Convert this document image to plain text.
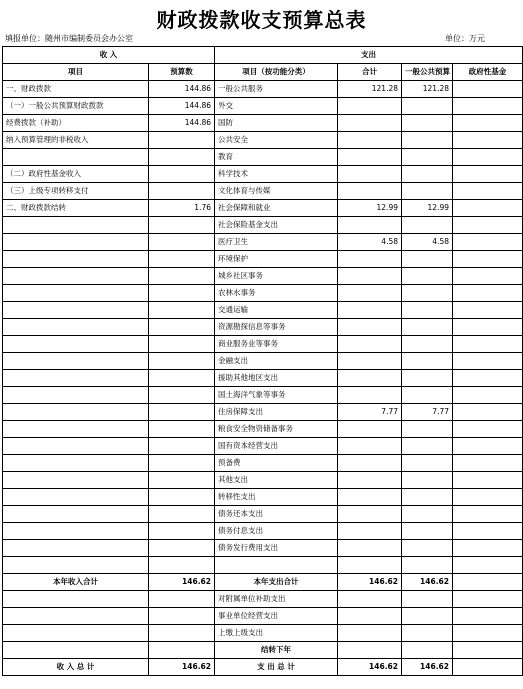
财政拨款收支预算总表
填报单位：随州市编制委员会办公室	单位：万元
收 入		支出			
项目	预算数	项目（按功能分类）	合计	一般公共预算	政府性基金
一、财政拨款	144.86	一般公共服务	121.28	121.28	
（一）一般公共预算财政拨款	144.86	外交			
经费拨款（补助）	144.86	国防			
纳入预算管理的非税收入		公共安全			
		教育			
（二）政府性基金收入		科学技术			
（三）上级专项转移支付		文化体育与传媒			
二、财政拨款结转	1.76	社会保障和就业	12.99	12.99	
		社会保险基金支出			
		医疗卫生	4.58	4.58	
		环境保护			
		城乡社区事务			
		农林水事务			
		交通运输			
		资源勘探信息等事务			
		商业服务业等事务			
		金融支出			
		援助其他地区支出			
		国土海洋气象等事务			
		住房保障支出	7.77	7.77	
		粮食安全物资储备事务			
		国有资本经营支出			
		预备费			
		其他支出			
		转移性支出			
		债务还本支出			
		债务付息支出			
		债务发行费用支出			

本年收入合计	146.62	本年支出合计	146.62	146.62	
		对附属单位补助支出			
		事业单位经营支出			
		上缴上级支出			
		结转下年			
收 入 总 计	146.62	支 出 总 计	146.62	146.62	
